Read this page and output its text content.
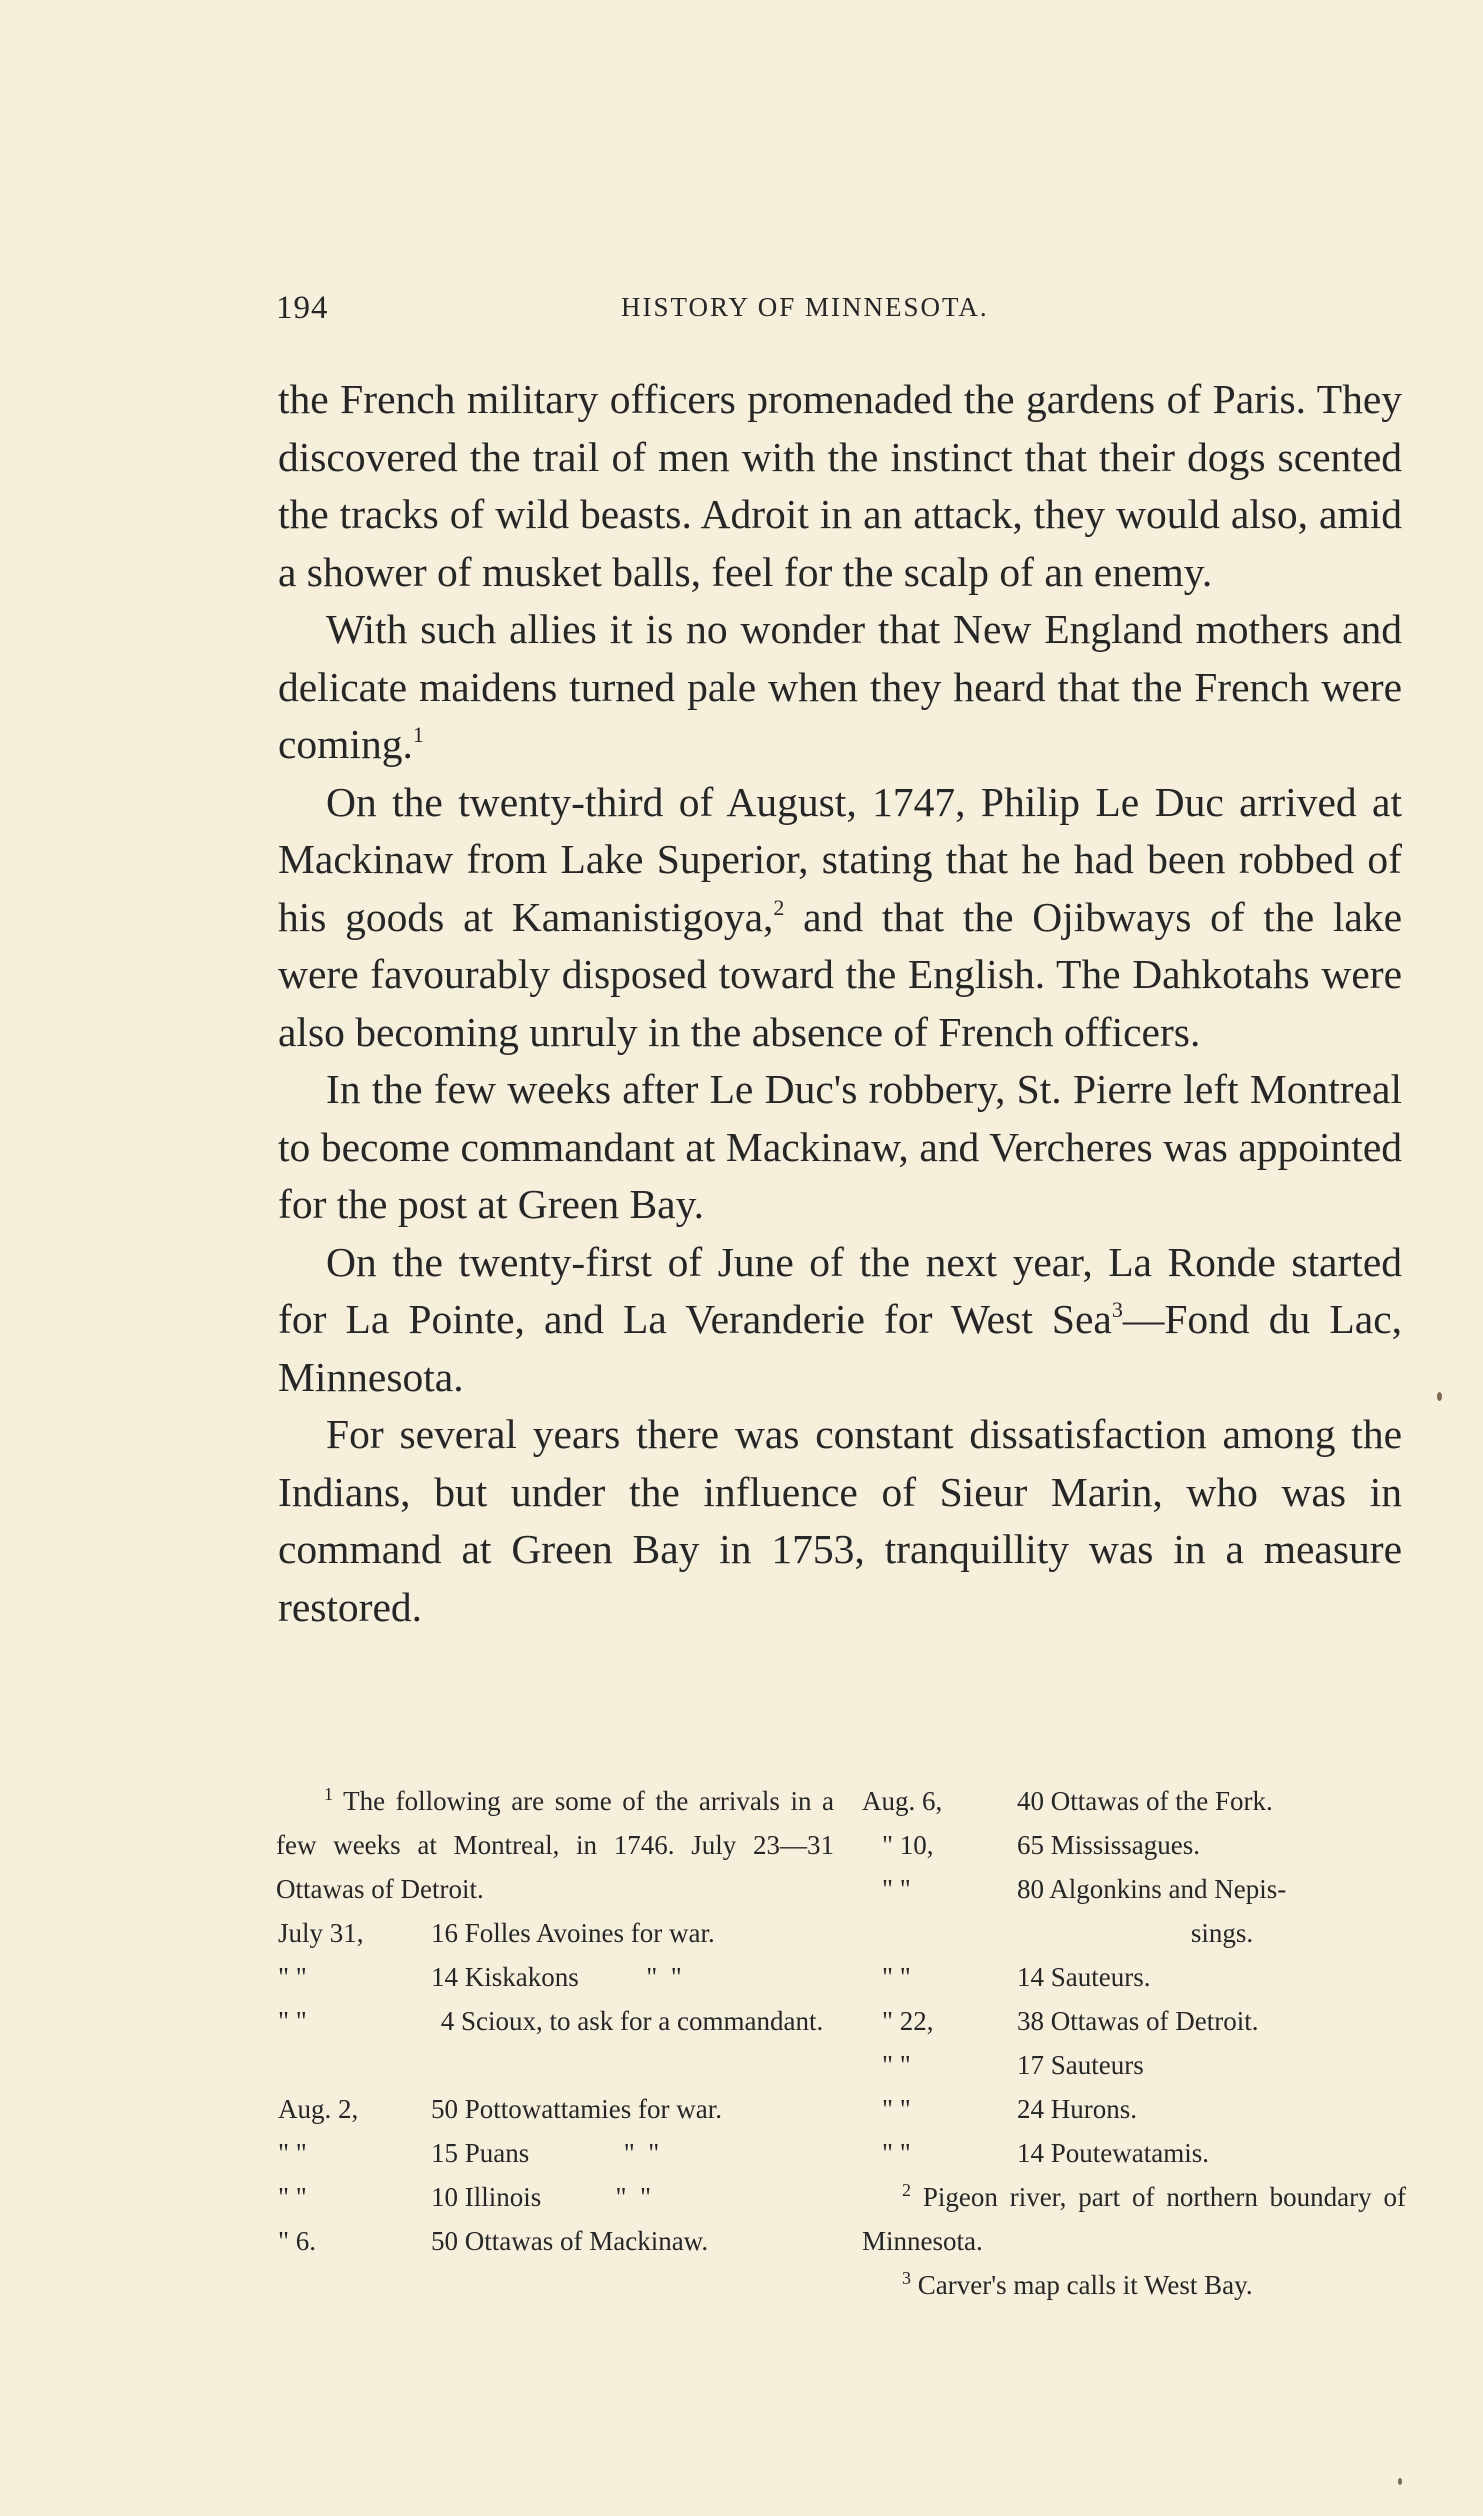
194	HISTORY OF MINNESOTA.

the French military officers promenaded the gardens of Paris. They discovered the trail of men with the instinct that their dogs scented the tracks of wild beasts. Adroit in an attack, they would also, amid a shower of musket balls, feel for the scalp of an enemy.

With such allies it is no wonder that New England mothers and delicate maidens turned pale when they heard that the French were coming.$^1$

On the twenty-third of August, 1747, Philip Le Duc arrived at Mackinaw from Lake Superior, stating that he had been robbed of his goods at Kamanistigoya,$^2$ and that the Ojibways of the lake were favourably disposed toward the English. The Dahkotahs were also becoming unruly in the absence of French officers.

In the few weeks after Le Duc's robbery, St. Pierre left Montreal to become commandant at Mackinaw, and Vercheres was appointed for the post at Green Bay.

On the twenty-first of June of the next year, La Ronde started for La Pointe, and La Veranderie for West Sea$^3$—Fond du Lac, Minnesota.

For several years there was constant dissatisfaction among the Indians, but under the influence of Sieur Marin, who was in command at Green Bay in 1753, tranquillity was in a measure restored.

$^1$ The following are some of the arrivals in a few weeks at Montreal, in 1746. July 23—31 Ottawas of Detroit.

July 31, 16 Folles Avoines for war.
" "	14 Kiskakons          "  "
" "	4 Scioux, to ask for a commandant.
Aug. 2,	50 Pottowattamies for war.
" "	15 Puans              "  "
" "	10 Illinois           "  "
" 6.	50 Ottawas of Mackinaw.
Aug. 6,	40 Ottawas of the Fork.
" 10,	65 Mississagues.
" "	80 Algonkins and Nepis-
sings.
" "	14 Sauteurs.
" 22,	38 Ottawas of Detroit.
" "	17 Sauteurs
" "	24 Hurons.
" "	14 Poutewatamis.

$^2$ Pigeon river, part of northern boundary of Minnesota.

$^3$ Carver's map calls it West Bay.
